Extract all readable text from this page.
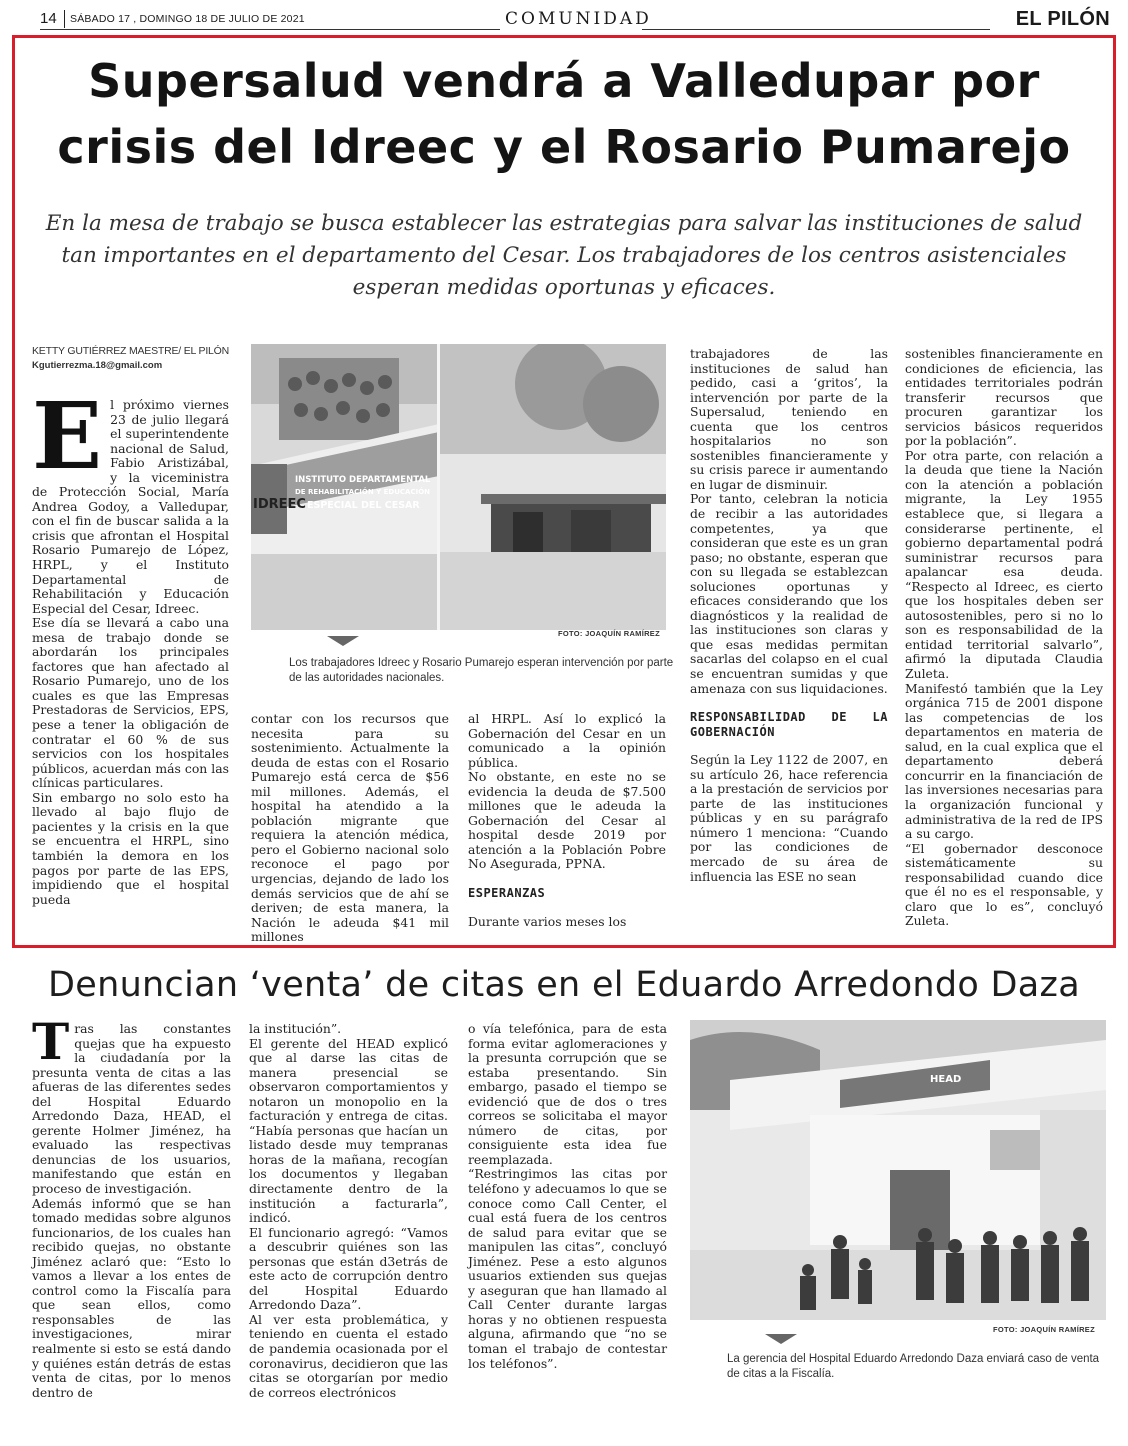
14 SÁBADO 17 , DOMINGO 18 DE JULIO DE 2021	COMUNIDAD	EL PILÓN
Supersalud vendrá a Valledupar por crisis del Idreec y el Rosario Pumarejo
En la mesa de trabajo se busca establecer las estrategias para salvar las instituciones de salud tan importantes en el departamento del Cesar. Los trabajadores de los centros asistenciales esperan medidas oportunas y eficaces.
KETTY GUTIÉRREZ MAESTRE/ EL PILÓN
Kgutierrezma.18@gmail.com
E l próximo viernes 23 de julio llegará el superintendente nacional de Salud, Fabio Aristizábal, y la viceministra de Protección Social, María Andrea Godoy, a Valledupar, con el fin de buscar salida a la crisis que afrontan el Hospital Rosario Pumarejo de López, HRPL, y el Instituto Departamental de Rehabilitación y Educación Especial del Cesar, Idreec.

Ese día se llevará a cabo una mesa de trabajo donde se abordarán los principales factores que han afectado al Rosario Pumarejo, uno de los cuales es que las Empresas Prestadoras de Servicios, EPS, pese a tener la obligación de contratar el 60 % de sus servicios con los hospitales públicos, acuerdan más con las clínicas particulares.

Sin embargo no solo esto ha llevado al bajo flujo de pacientes y la crisis en la que se encuentra el HRPL, sino también la demora en los pagos por parte de las EPS, impidiendo que el hospital pueda

INSTITUTO DEPARTAMENTAL
DE REHABILITACIÓN Y EDUCACIÓN
ESPECIAL DEL CESAR
IDREEC
FOTO: JOAQUÍN RAMÍREZ
Los trabajadores Idreec y Rosario Pumarejo esperan intervención por parte de las autoridades nacionales.

contar con los recursos que necesita para su sostenimiento. Actualmente la deuda de estas con el Rosario Pumarejo está cerca de $56 mil millones. Además, el hospital ha atendido a la población migrante que requiera la atención médica, pero el Gobierno nacional solo reconoce el pago por urgencias, dejando de lado los demás servicios que de ahí se deriven; de esta manera, la Nación le adeuda $41 mil millones

al HRPL. Así lo explicó la Gobernación del Cesar en un comunicado a la opinión pública.

No obstante, en este no se evidencia la deuda de $7.500 millones que le adeuda la Gobernación del Cesar al hospital desde 2019 por atención a la Población Pobre No Asegurada, PPNA.

ESPERANZAS

Durante varios meses los

trabajadores de las instituciones de salud han pedido, casi a ‘gritos’, la intervención por parte de la Supersalud, teniendo en cuenta que los centros hospitalarios no son sostenibles financieramente y su crisis parece ir aumentando en lugar de disminuir.

Por tanto, celebran la noticia de recibir a las autoridades competentes, ya que consideran que este es un gran paso; no obstante, esperan que con su llegada se establezcan soluciones oportunas y eficaces considerando que los diagnósticos y la realidad de las instituciones son claras y que esas medidas permitan sacarlas del colapso en el cual se encuentran sumidas y que amenaza con sus liquidaciones.

RESPONSABILIDAD DE LA GOBERNACIÓN

Según la Ley 1122 de 2007, en su artículo 26, hace referencia a la prestación de servicios por parte de las instituciones públicas y en su parágrafo número 1 menciona: “Cuando por las condiciones de mercado de su área de influencia las ESE no sean

sostenibles financieramente en condiciones de eficiencia, las entidades territoriales podrán transferir recursos que procuren garantizar los servicios básicos requeridos por la población”.

Por otra parte, con relación a la deuda que tiene la Nación con la atención a población migrante, la Ley 1955 establece que, si llegara a considerarse pertinente, el gobierno departamental podrá suministrar recursos para apalancar esa deuda. “Respecto al Idreec, es cierto que los hospitales deben ser autosostenibles, pero si no lo son es responsabilidad de la entidad territorial salvarlo”, afirmó la diputada Claudia Zuleta.

Manifestó también que la Ley orgánica 715 de 2001 dispone las competencias de los departamentos en materia de salud, en la cual explica que el departamento deberá concurrir en la financiación de las inversiones necesarias para la organización funcional y administrativa de la red de IPS a su cargo.

“El gobernador desconoce sistemáticamente su responsabilidad cuando dice que él no es el responsable, y claro que lo es”, concluyó Zuleta.

Denuncian ‘venta’ de citas en el Eduardo Arredondo Daza
T ras las constantes quejas que ha expuesto la ciudadanía por la presunta venta de citas a las afueras de las diferentes sedes del Hospital Eduardo Arredondo Daza, HEAD, el gerente Holmer Jiménez, ha evaluado las respectivas denuncias de los usuarios, manifestando que están en proceso de investigación.

Además informó que se han tomado medidas sobre algunos funcionarios, de los cuales han recibido quejas, no obstante Jiménez aclaró que: “Esto lo vamos a llevar a los entes de control como la Fiscalía para que sean ellos, como responsables de las investigaciones, mirar realmente si esto se está dando y quiénes están detrás de estas venta de citas, por lo menos dentro de

la institución”.

El gerente del HEAD explicó que al darse las citas de manera presencial se observaron comportamientos y notaron un monopolio en la facturación y entrega de citas. “Había personas que hacían un listado desde muy tempranas horas de la mañana, recogían los documentos y llegaban directamente dentro de la institución a facturarla”, indicó.

El funcionario agregó: “Vamos a descubrir quiénes son las personas que están d3etrás de este acto de corrupción dentro del Hospital Eduardo Arredondo Daza”.

Al ver esta problemática, y teniendo en cuenta el estado de pandemia ocasionada por el coronavirus, decidieron que las citas se otorgarían por medio de correos electrónicos

o vía telefónica, para de esta forma evitar aglomeraciones y la presunta corrupción que se estaba presentando. Sin embargo, pasado el tiempo se evidenció que de dos o tres correos se solicitaba el mayor número de citas, por consiguiente esta idea fue reemplazada.

“Restringimos las citas por teléfono y adecuamos lo que se conoce como Call Center, el cual está fuera de los centros de salud para evitar que se manipulen las citas”, concluyó Jiménez. Pese a esto algunos usuarios extienden sus quejas y aseguran que han llamado al Call Center durante largas horas y no obtienen respuesta alguna, afirmando que “no se toman el trabajo de contestar los teléfonos”.

HEAD
FOTO: JOAQUÍN RAMÍREZ
La gerencia del Hospital Eduardo Arredondo Daza enviará caso de venta de citas a la Fiscalía.
